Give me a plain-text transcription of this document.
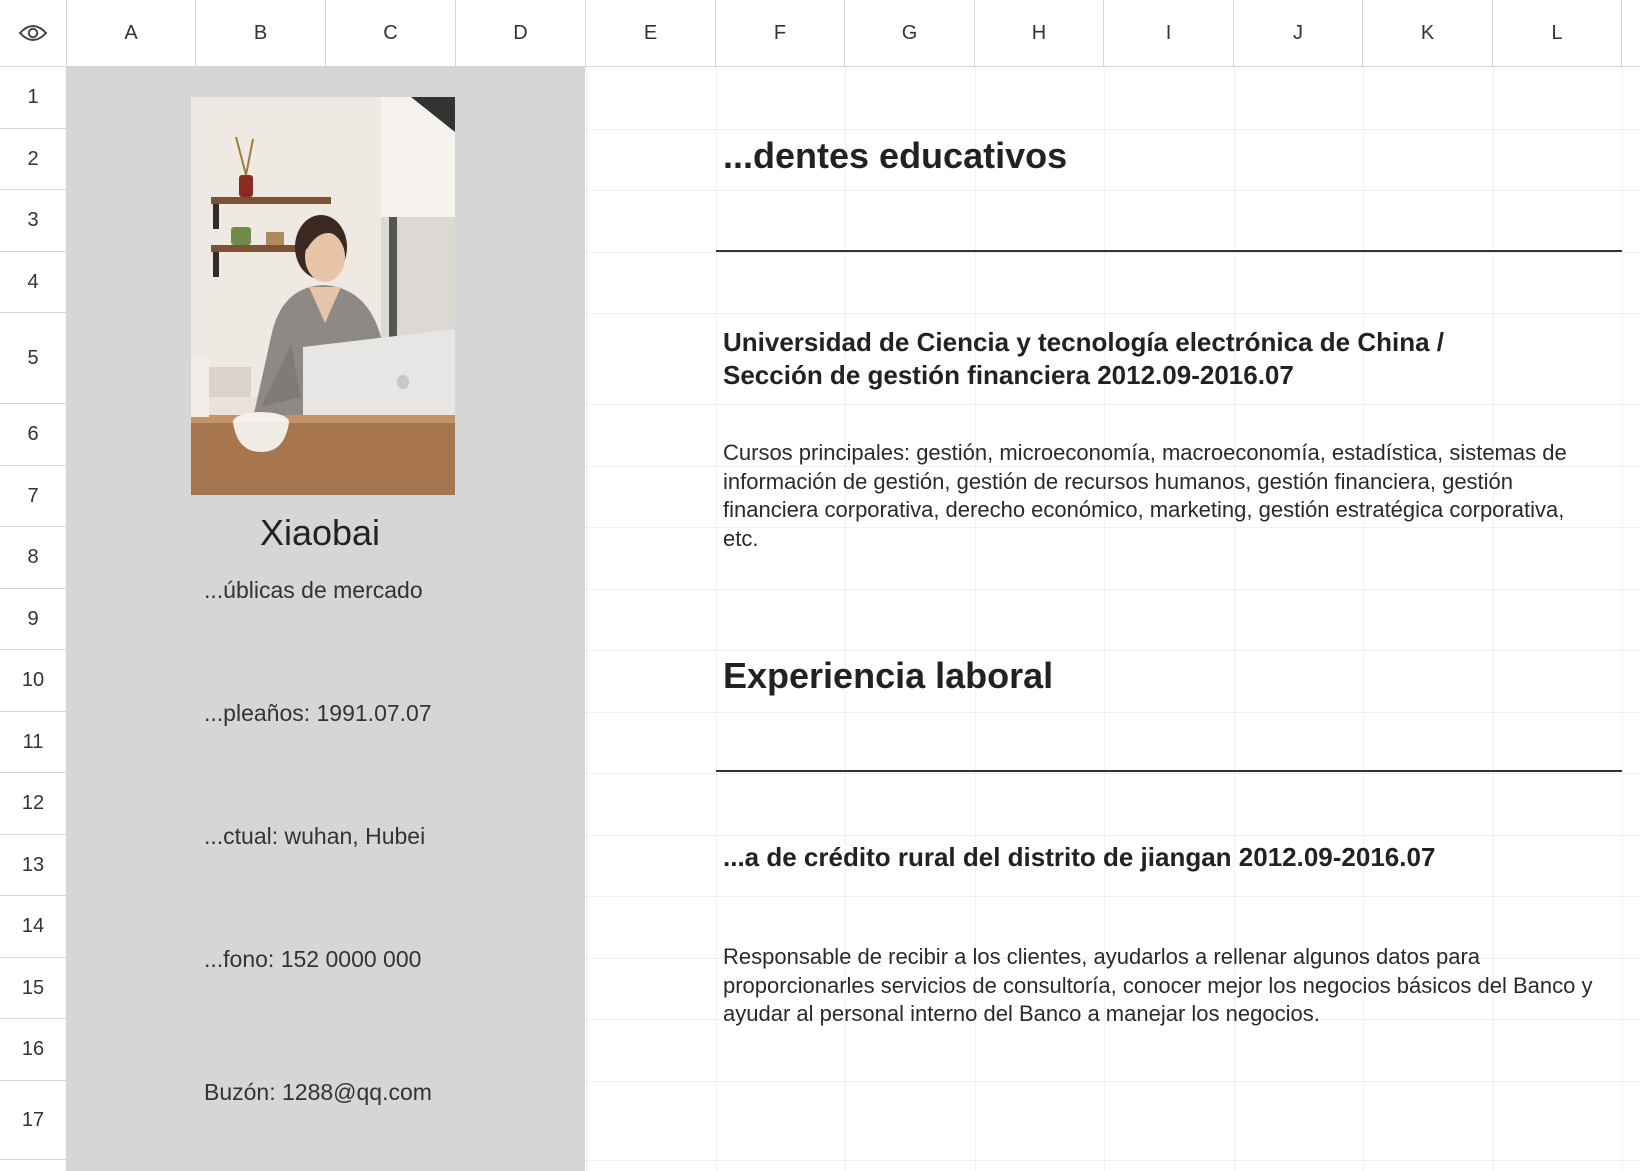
A	B	C	D	E	F	G	H	I	J	K	L
1
2
3
4
5
6
7
8
9
10
11
12
13
14
15
16
17
Xiaobai
...úblicas de mercado
...pleaños: 1991.07.07
...ctual: wuhan, Hubei
...fono: 152 0000 000
Buzón: 1288@qq.com
...dentes educativos
Universidad de Ciencia y tecnología electrónica de China /
Sección de gestión financiera 2012.09-2016.07
Cursos principales: gestión, microeconomía, macroeconomía, estadística, sistemas de información de gestión, gestión de recursos humanos, gestión financiera, gestión financiera corporativa, derecho económico, marketing, gestión estratégica corporativa, etc.
Experiencia laboral
...a de crédito rural del distrito de jiangan 2012.09-2016.07
Responsable de recibir a los clientes, ayudarlos a rellenar algunos datos para proporcionarles servicios de consultoría, conocer mejor los negocios básicos del Banco y ayudar al personal interno del Banco a manejar los negocios.
